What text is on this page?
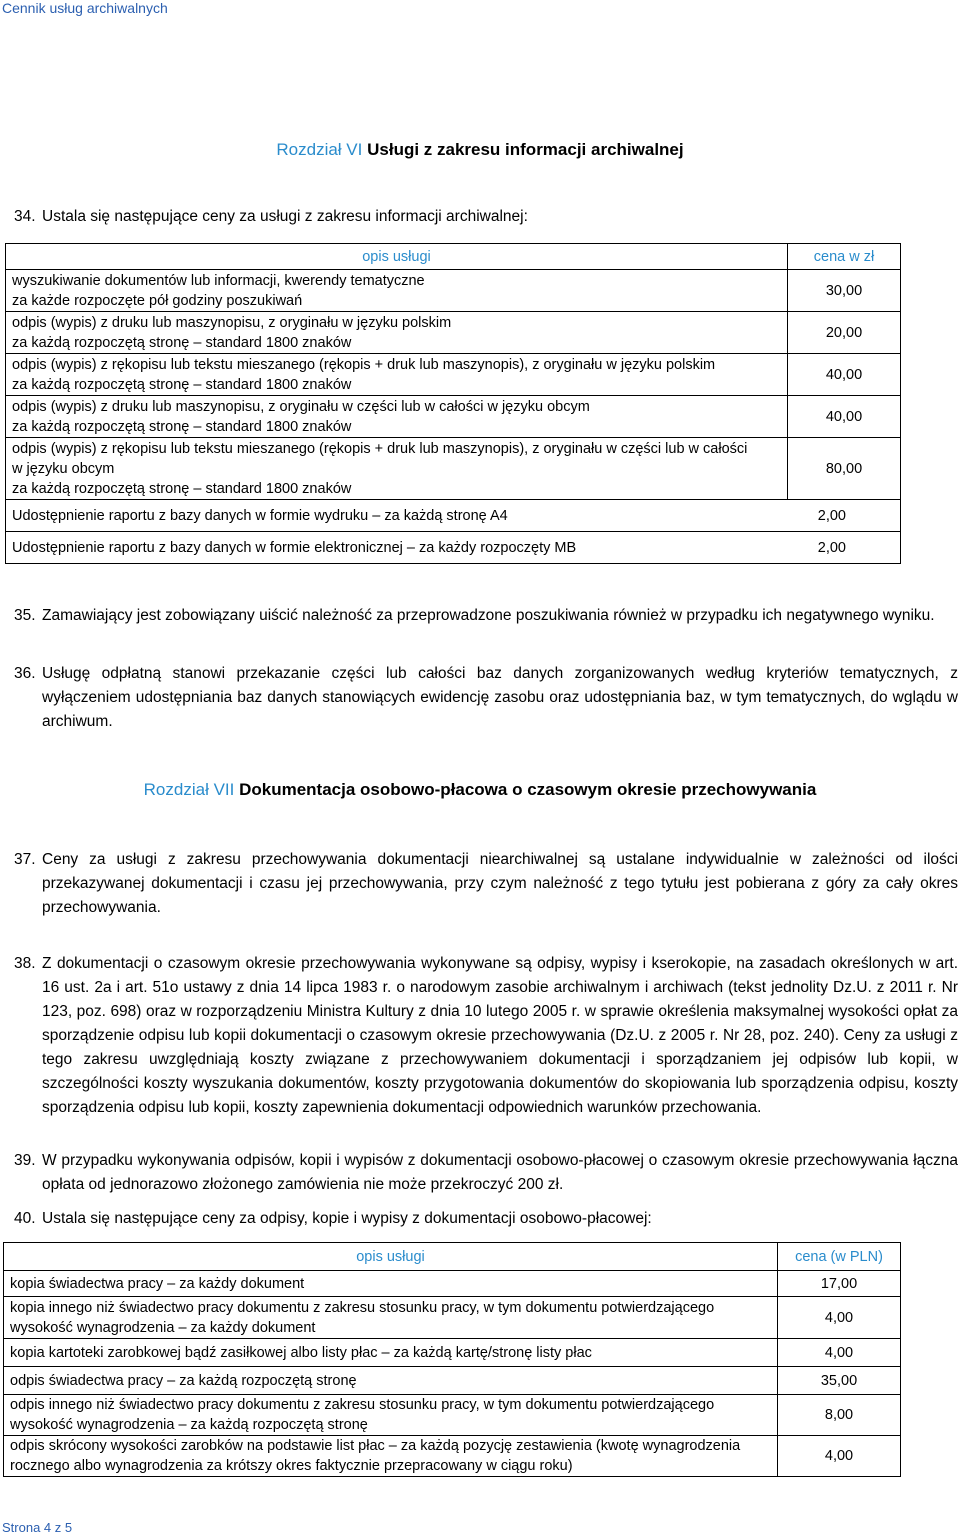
Cennik usług archiwalnych
Rozdział VI Usługi z zakresu informacji archiwalnej
34. Ustala się następujące ceny za usługi z zakresu informacji archiwalnej:
opis usługi	cena w zł

wyszukiwanie dokumentów lub informacji, kwerendy tematyczne
za każde rozpoczęte pół godziny poszukiwań	30,00

odpis (wypis) z druku lub maszynopisu, z oryginału w języku polskim
za każdą rozpoczętą stronę – standard 1800 znaków	20,00

odpis (wypis) z rękopisu lub tekstu mieszanego (rękopis + druk lub maszynopis), z oryginału w języku polskim
za każdą rozpoczętą stronę – standard 1800 znaków	40,00

odpis (wypis) z druku lub maszynopisu, z oryginału w części lub w całości w języku obcym
za każdą rozpoczętą stronę – standard 1800 znaków	40,00

odpis (wypis) z rękopisu lub tekstu mieszanego (rękopis + druk lub maszynopis), z oryginału w części lub w całości
w języku obcym
za każdą rozpoczętą stronę – standard 1800 znaków	80,00
Udostępnienie raportu z bazy danych w formie wydruku – za każdą stronę A4 2,00	

Udostępnienie raportu z bazy danych w formie elektronicznej – za każdy rozpoczęty MB 2,00	
35. Zamawiający jest zobowiązany uiścić należność za przeprowadzone poszukiwania również w przypadku ich negatywnego wyniku.
36. Usługę odpłatną stanowi przekazanie części lub całości baz danych zorganizowanych według kryteriów tematycznych, z wyłączeniem udostępniania baz danych stanowiących ewidencję zasobu oraz udostępniania baz, w tym tematycznych, do wglądu w archiwum.
Rozdział VII Dokumentacja osobowo-płacowa o czasowym okresie przechowywania
37. Ceny za usługi z zakresu przechowywania dokumentacji niearchiwalnej są ustalane indywidualnie w zależności od ilości przekazywanej dokumentacji i czasu jej przechowywania, przy czym należność z tego tytułu jest pobierana z góry za cały okres przechowywania.
38. Z dokumentacji o czasowym okresie przechowywania wykonywane są odpisy, wypisy i kserokopie, na zasadach określonych w art. 16 ust. 2a i art. 51o ustawy z dnia 14 lipca 1983 r. o narodowym zasobie archiwalnym i archiwach (tekst jednolity Dz.U. z 2011 r. Nr 123, poz. 698) oraz w rozporządzeniu Ministra Kultury z dnia 10 lutego 2005 r. w sprawie określenia maksymalnej wysokości opłat za sporządzenie odpisu lub kopii dokumentacji o czasowym okresie przechowywania (Dz.U. z 2005 r. Nr 28, poz. 240). Ceny za usługi z tego zakresu uwzględniają koszty związane z przechowywaniem dokumentacji i sporządzaniem jej odpisów lub kopii, w szczególności koszty wyszukania dokumentów, koszty przygotowania dokumentów do skopiowania lub sporządzenia odpisu, koszty sporządzenia odpisu lub kopii, koszty zapewnienia dokumentacji odpowiednich warunków przechowania.
39. W przypadku wykonywania odpisów, kopii i wypisów z dokumentacji osobowo-płacowej o czasowym okresie przechowywania łączna opłata od jednorazowo złożonego zamówienia nie może przekroczyć 200 zł.
40. Ustala się następujące ceny za odpisy, kopie i wypisy z dokumentacji osobowo-płacowej:
opis usługi	cena (w PLN)

kopia świadectwa pracy – za każdy dokument	17,00

kopia innego niż świadectwo pracy dokumentu z zakresu stosunku pracy, w tym dokumentu potwierdzającego
wysokość wynagrodzenia – za każdy dokument	4,00

kopia kartoteki zarobkowej bądź zasiłkowej albo listy płac – za każdą kartę/stronę listy płac	4,00

odpis świadectwa pracy – za każdą rozpoczętą stronę	35,00

odpis innego niż świadectwo pracy dokumentu z zakresu stosunku pracy, w tym dokumentu potwierdzającego
wysokość wynagrodzenia – za każdą rozpoczętą stronę	8,00

odpis skrócony wysokości zarobków na podstawie list płac – za każdą pozycję zestawienia (kwotę wynagrodzenia
rocznego albo wynagrodzenia za krótszy okres faktycznie przepracowany w ciągu roku)	4,00
Strona 4 z 5
